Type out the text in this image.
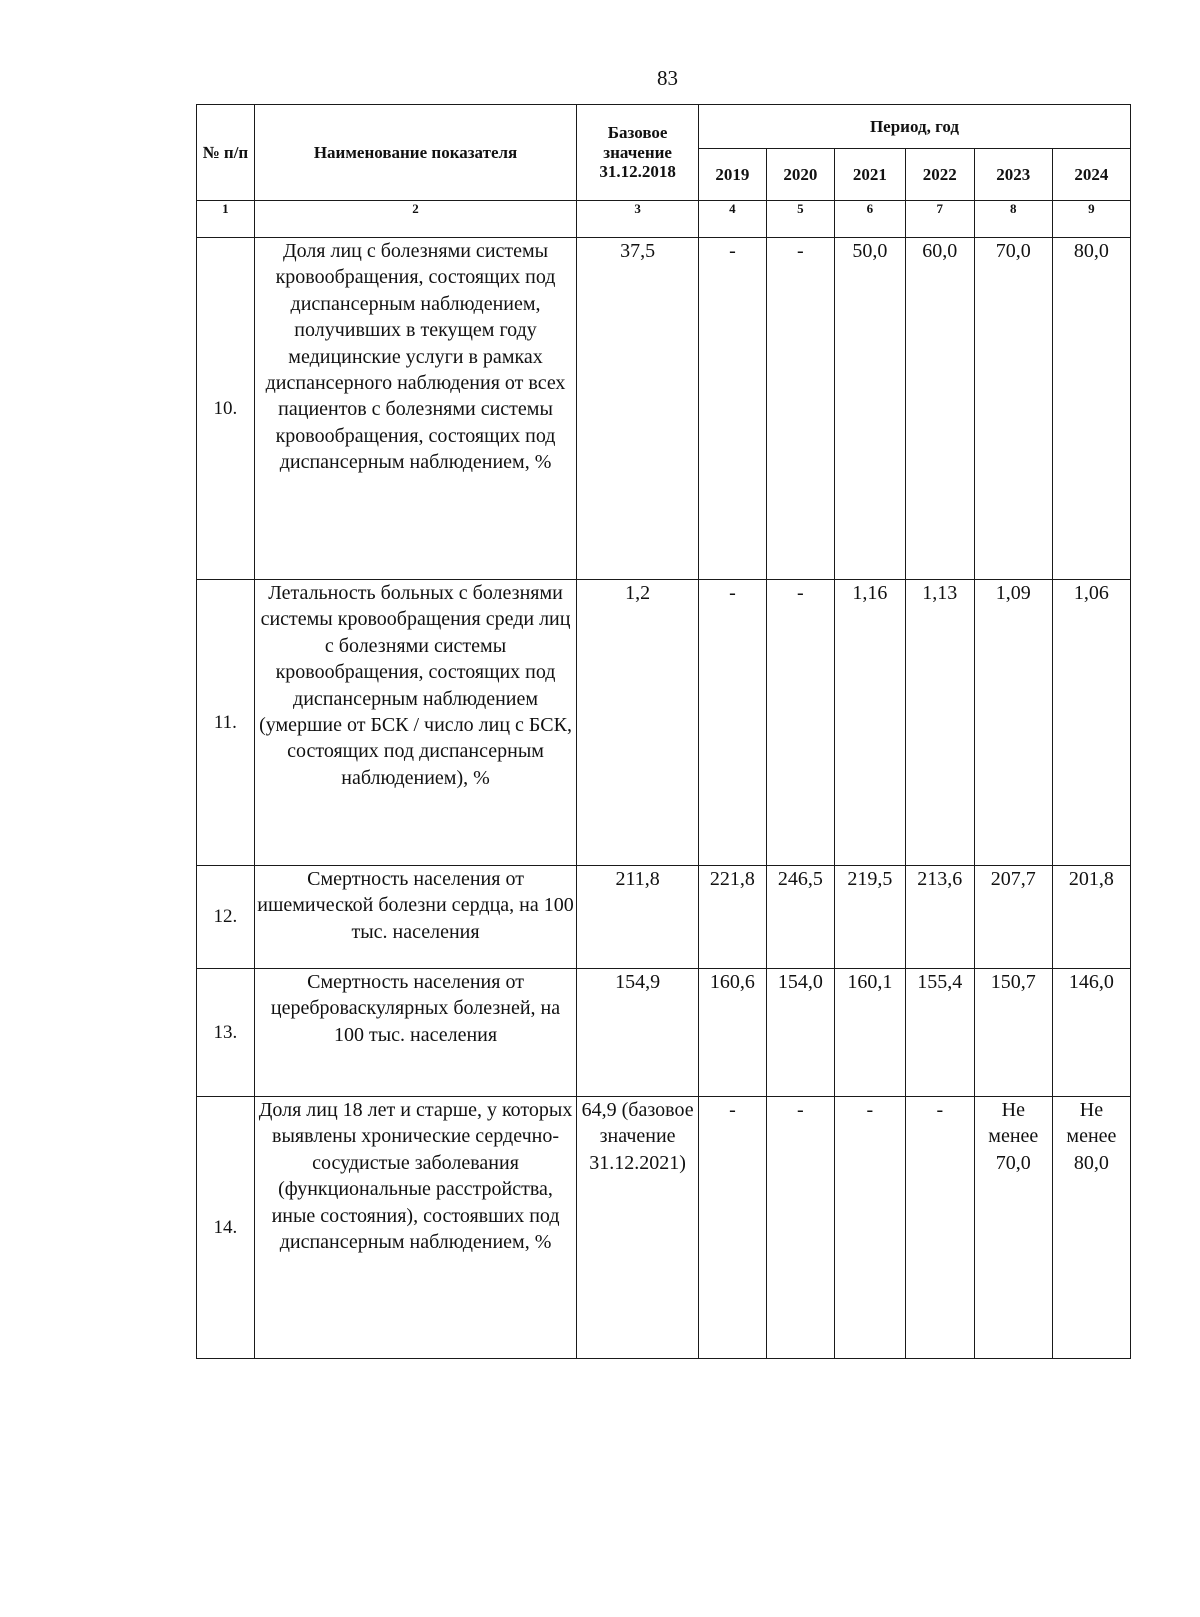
83
№ п/п	Наименование показателя	Базовое значение 31.12.2018	Период, год					
			2019	2020	2021	2022	2023	2024
1	2	3	4	5	6	7	8	9
10.	Доля лиц с болезнями системы кровообращения, состоящих под диспансерным наблюдением, получивших в текущем году медицинские услуги в рамках диспансерного наблюдения от всех пациентов с болезнями системы кровообращения, состоящих под диспансерным наблюдением, %	37,5	-	-	50,0	60,0	70,0	80,0
11.	Летальность больных с болезнями системы кровообращения среди лиц с болезнями системы кровообращения, состоящих под диспансерным наблюдением (умершие от БСК / число лиц с БСК, состоящих под диспансерным наблюдением), %	1,2	-	-	1,16	1,13	1,09	1,06
12.	Смертность населения от ишемической болезни сердца, на 100 тыс. населения	211,8	221,8	246,5	219,5	213,6	207,7	201,8
13.	Смертность населения от цереброваскулярных болезней, на 100 тыс. населения	154,9	160,6	154,0	160,1	155,4	150,7	146,0
14.	Доля лиц 18 лет и старше, у которых выявлены хронические сердечно-сосудистые заболевания (функциональные расстройства, иные состояния), состоявших под диспансерным наблюдением, %	64,9 (базовое значение 31.12.2021)	-	-	-	-	Не менее 70,0	Не менее 80,0
